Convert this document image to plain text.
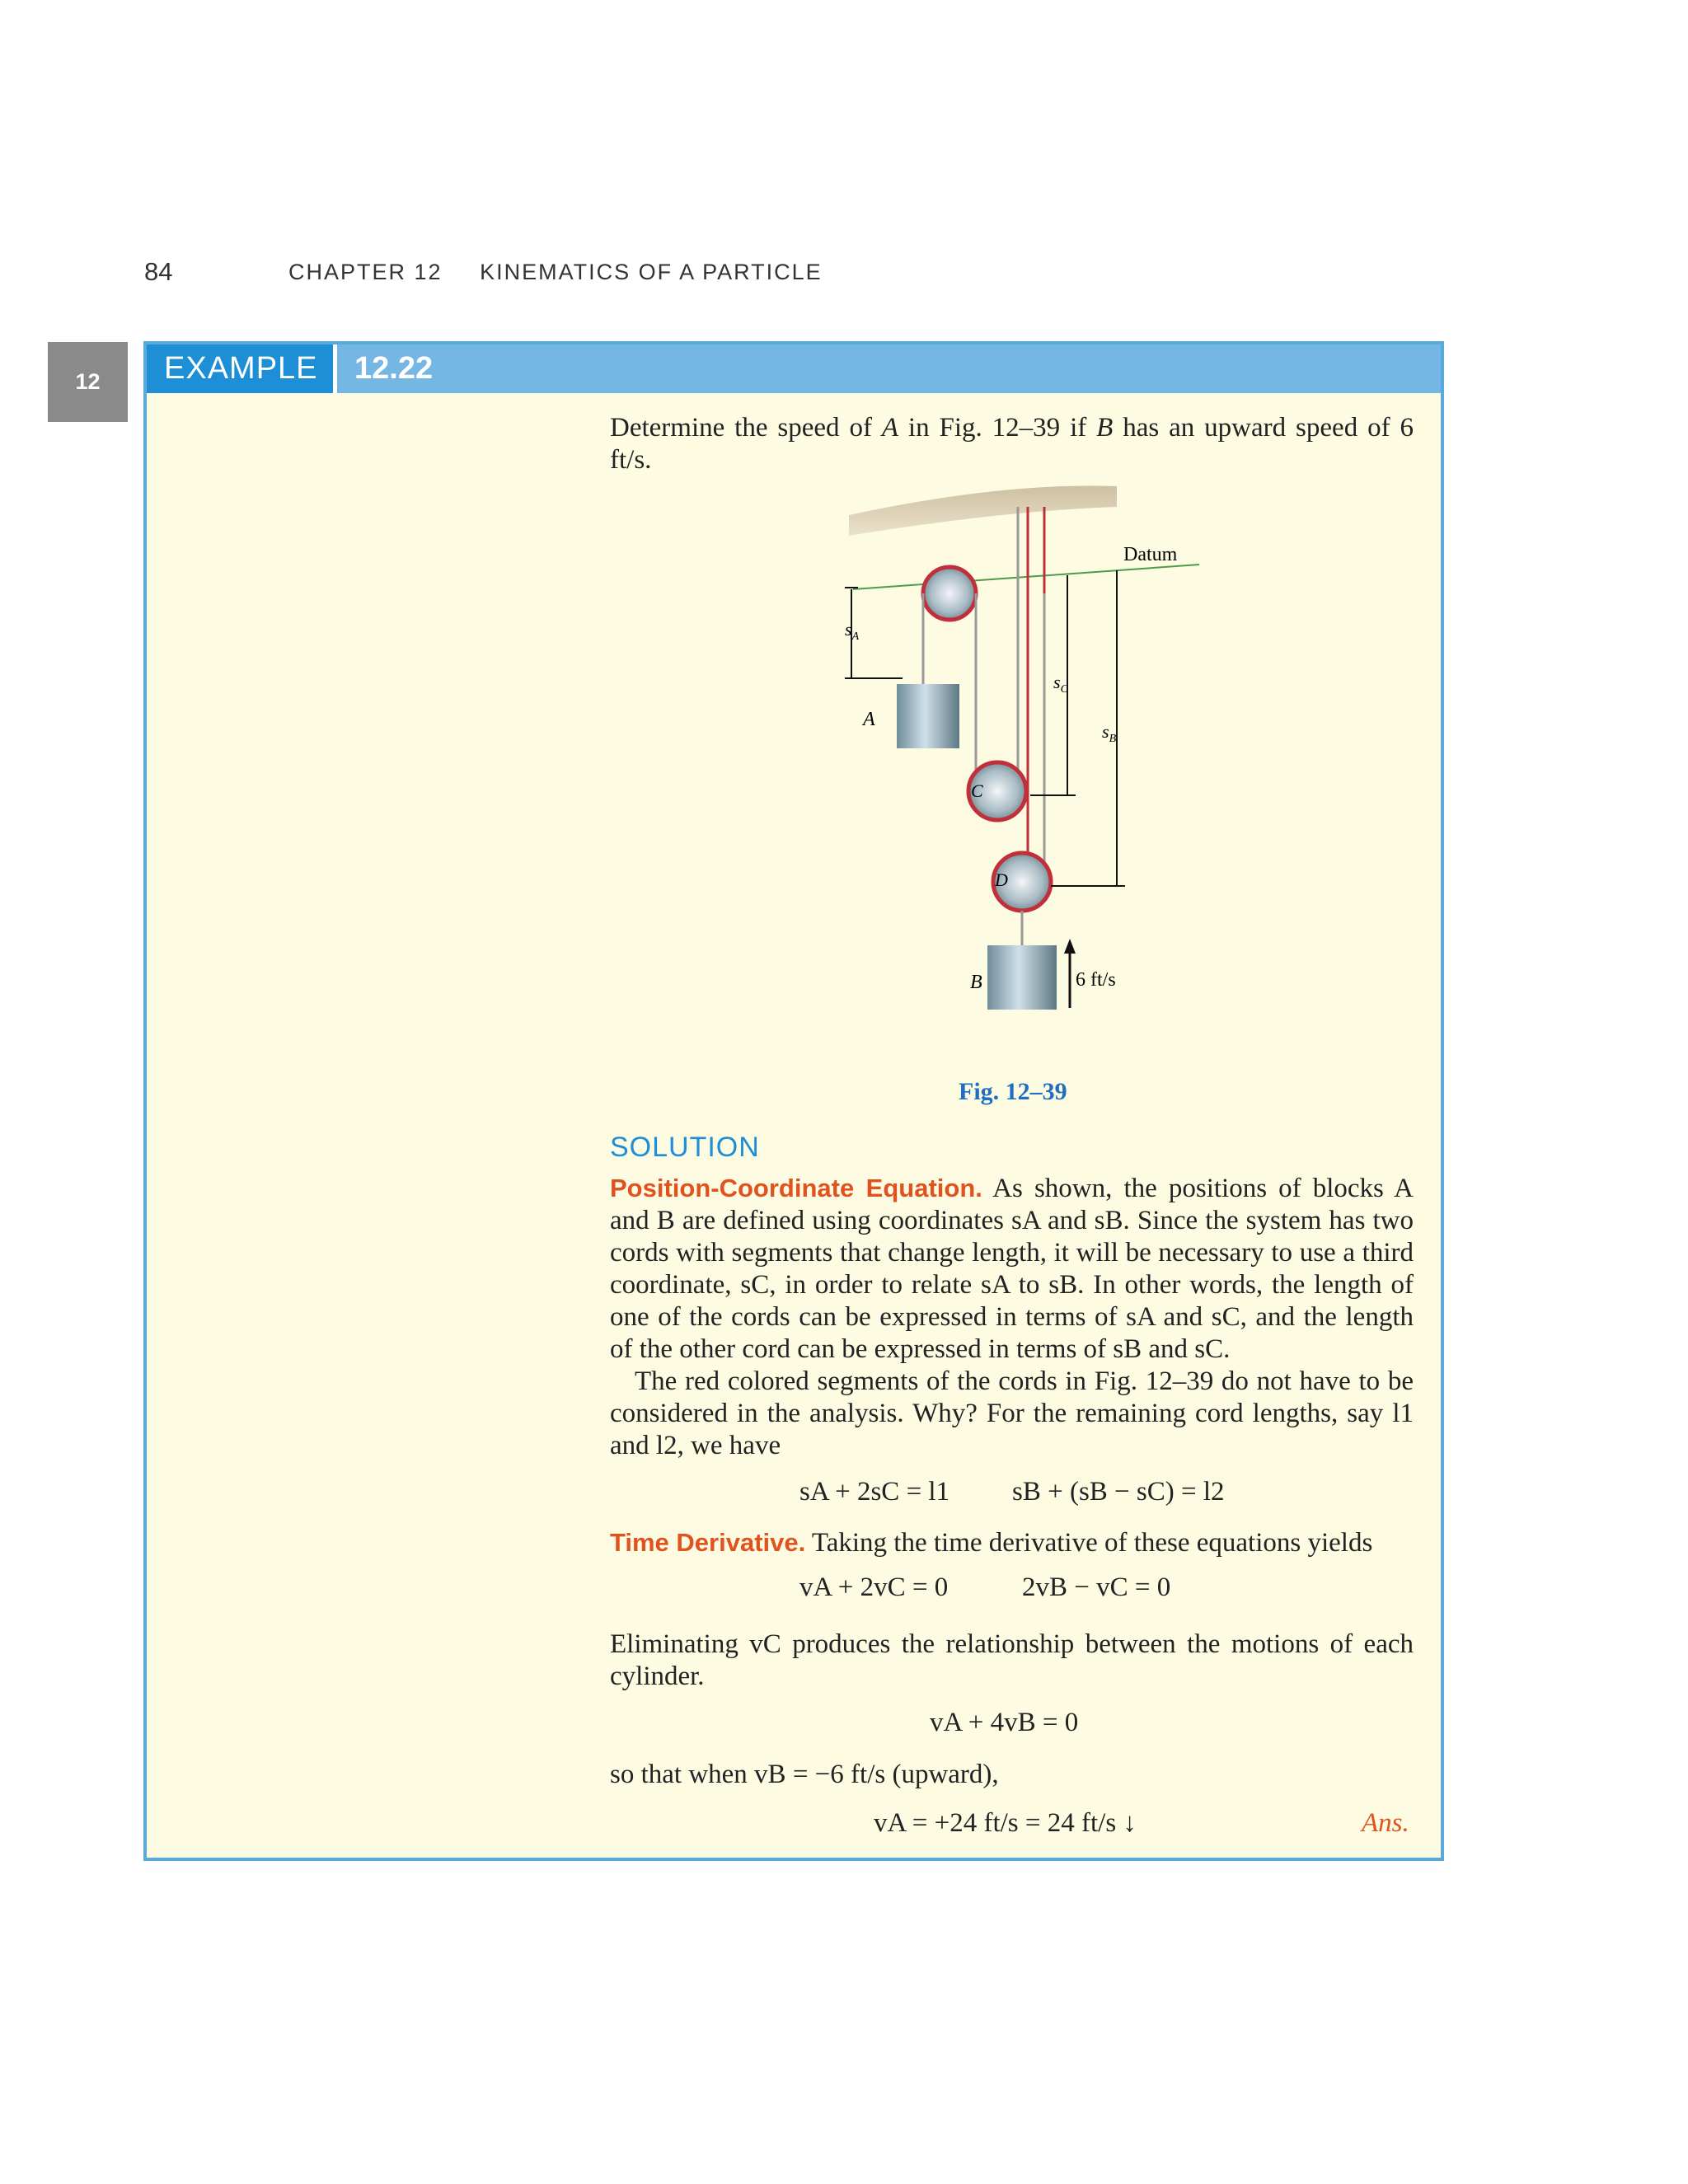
84	CHAPTER 12 KINEMATICS OF A PARTICLE
12	EXAMPLE	12.22
Determine the speed of A in Fig. 12–39 if B has an upward speed of 6 ft/s.
Datum
A
C
D
B	6 ft/s
$s_A$
$s_C$
$s_B$
Fig. 12–39
SOLUTION
Position-Coordinate Equation. As shown, the positions of blocks A and B are defined using coordinates sA and sB. Since the system has two cords with segments that change length, it will be necessary to use a third coordinate, sC, in order to relate sA to sB. In other words, the length of one of the cords can be expressed in terms of sA and sC, and the length of the other cord can be expressed in terms of sB and sC.
The red colored segments of the cords in Fig. 12–39 do not have to be considered in the analysis. Why? For the remaining cord lengths, say l1 and l2, we have
sA + 2sC = l1 sB + (sB − sC) = l2
Time Derivative. Taking the time derivative of these equations yields
vA + 2vC = 0	2vB − vC = 0
Eliminating vC produces the relationship between the motions of each cylinder.
vA + 4vB = 0
so that when vB = −6 ft/s (upward),
vA = +24 ft/s = 24 ft/s ↓	Ans.
